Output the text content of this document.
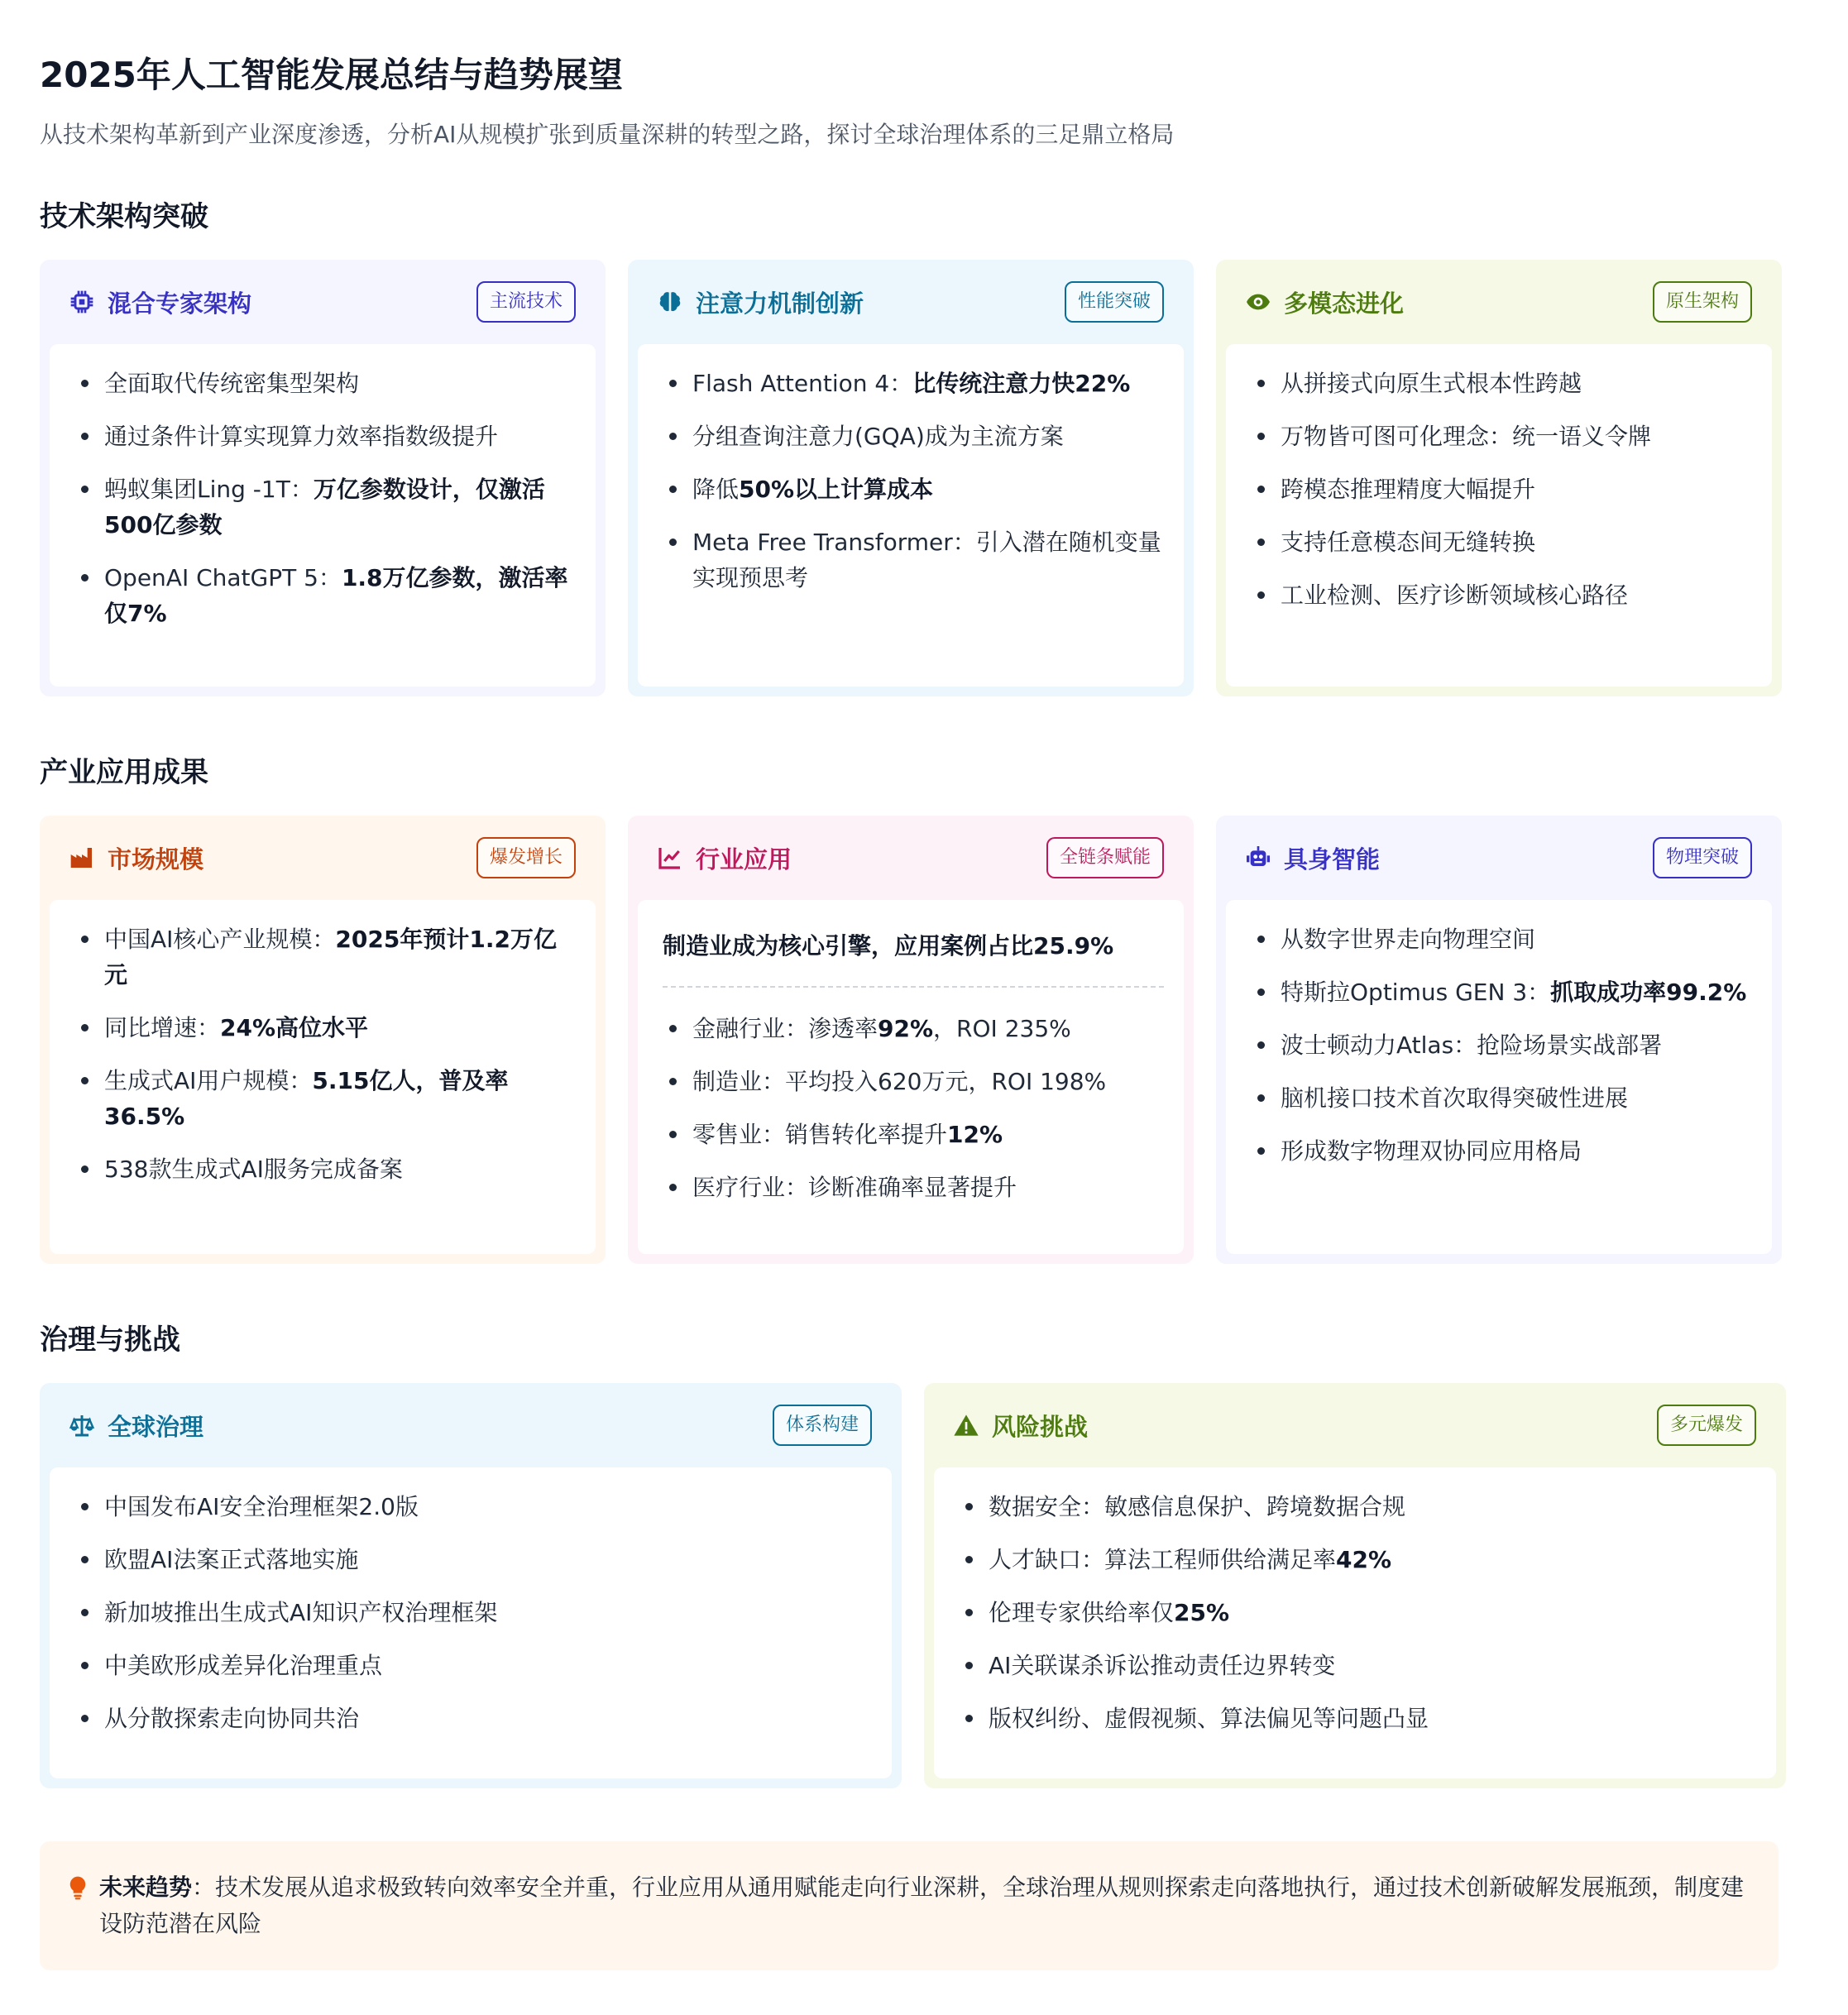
2025年人工智能发展总结与趋势展望
从技术架构革新到产业深度渗透，分析AI从规模扩张到质量深耕的转型之路，探讨全球治理体系的三足鼎立格局
技术架构突破
混合专家架构	主流技术
全面取代传统密集型架构
通过条件计算实现算力效率指数级提升
蚂蚁集团Ling -1T：万亿参数设计，仅激活500亿参数
OpenAI ChatGPT 5：1.8万亿参数，激活率仅7%
注意力机制创新	性能突破
Flash Attention 4：比传统注意力快22%
分组查询注意力(GQA)成为主流方案
降低50%以上计算成本
Meta Free Transformer：引入潜在随机变量实现预思考
多模态进化	原生架构
从拼接式向原生式根本性跨越
万物皆可图可化理念：统一语义令牌
跨模态推理精度大幅提升
支持任意模态间无缝转换
工业检测、医疗诊断领域核心路径
产业应用成果
市场规模	爆发增长
中国AI核心产业规模：2025年预计1.2万亿元
同比增速：24%高位水平
生成式AI用户规模：5.15亿人，普及率36.5%
538款生成式AI服务完成备案
行业应用	全链条赋能
制造业成为核心引擎，应用案例占比25.9%
金融行业：渗透率92%，ROI 235%
制造业：平均投入620万元，ROI 198%
零售业：销售转化率提升12%
医疗行业：诊断准确率显著提升
具身智能	物理突破
从数字世界走向物理空间
特斯拉Optimus GEN 3：抓取成功率99.2%
波士顿动力Atlas：抢险场景实战部署
脑机接口技术首次取得突破性进展
形成数字物理双协同应用格局
治理与挑战
全球治理	体系构建
中国发布AI安全治理框架2.0版
欧盟AI法案正式落地实施
新加坡推出生成式AI知识产权治理框架
中美欧形成差异化治理重点
从分散探索走向协同共治
风险挑战	多元爆发
数据安全：敏感信息保护、跨境数据合规
人才缺口：算法工程师供给满足率42%
伦理专家供给率仅25%
AI关联谋杀诉讼推动责任边界转变
版权纠纷、虚假视频、算法偏见等问题凸显
未来趋势：技术发展从追求极致转向效率安全并重，行业应用从通用赋能走向行业深耕，全球治理从规则探索走向落地执行，通过技术创新破解发展瓶颈，制度建设防范潜在风险
